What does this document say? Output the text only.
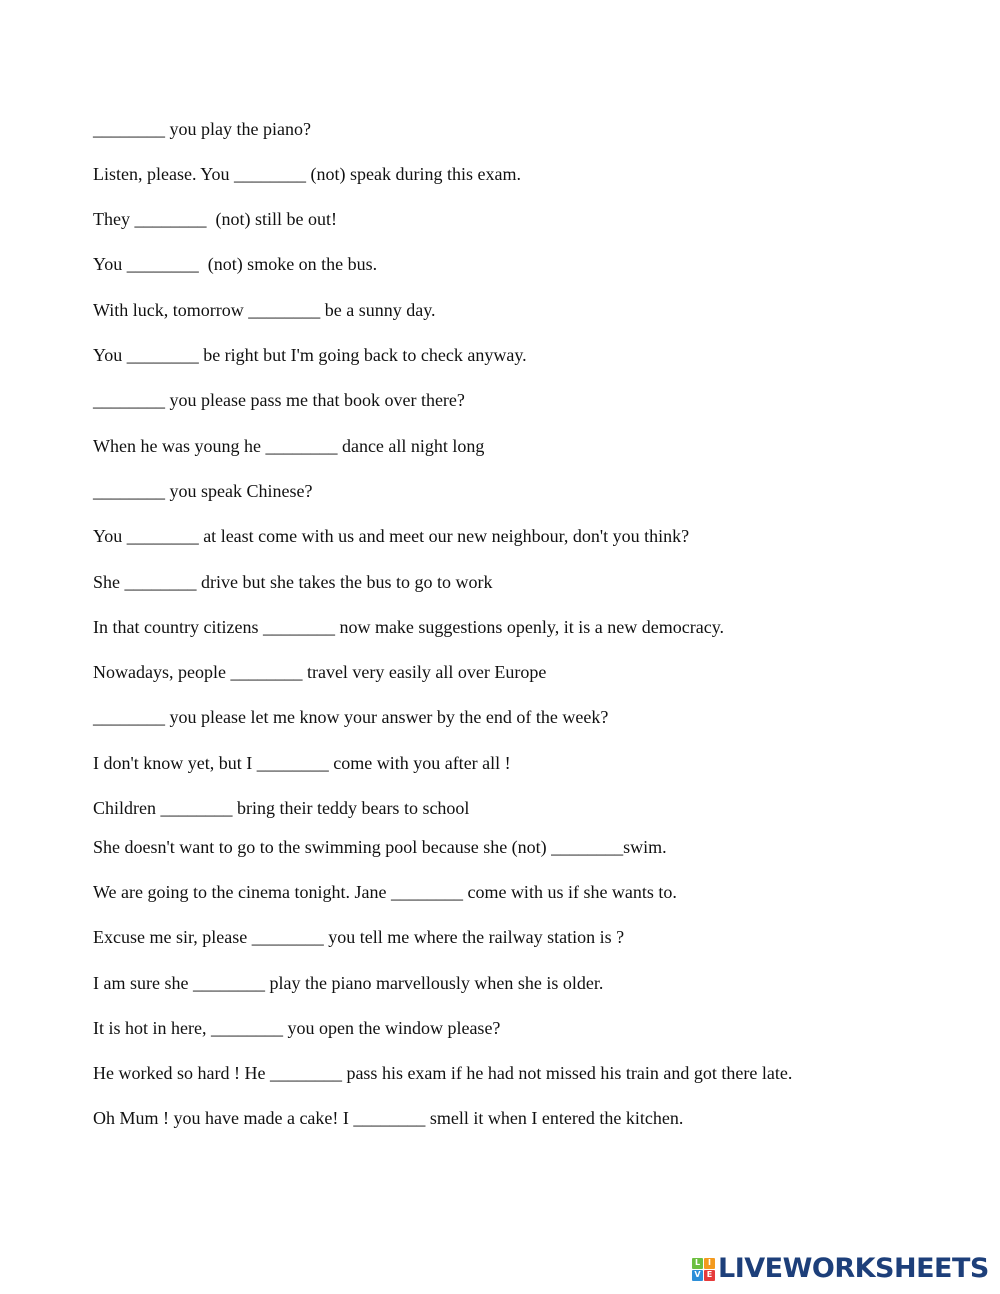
________ you play the piano?
Listen, please. You ________ (not) speak during this exam.
They ________  (not) still be out!
You ________  (not) smoke on the bus.
With luck, tomorrow ________ be a sunny day.
You ________ be right but I'm going back to check anyway.
________ you please pass me that book over there?
When he was young he ________ dance all night long
________ you speak Chinese?
You ________ at least come with us and meet our new neighbour, don't you think?
She ________ drive but she takes the bus to go to work
In that country citizens ________ now make suggestions openly, it is a new democracy.
Nowadays, people ________ travel very easily all over Europe
________ you please let me know your answer by the end of the week?
I don't know yet, but I ________ come with you after all !
Children ________ bring their teddy bears to school
She doesn't want to go to the swimming pool because she (not) ________swim.
We are going to the cinema tonight. Jane ________ come with us if she wants to.
Excuse me sir, please ________ you tell me where the railway station is ?
I am sure she ________ play the piano marvellously when she is older.
It is hot in here, ________ you open the window please?
He worked so hard ! He ________ pass his exam if he had not missed his train and got there late.
Oh Mum ! you have made a cake! I ________ smell it when I entered the kitchen.
L I
V E LIVEWORKSHEETS
